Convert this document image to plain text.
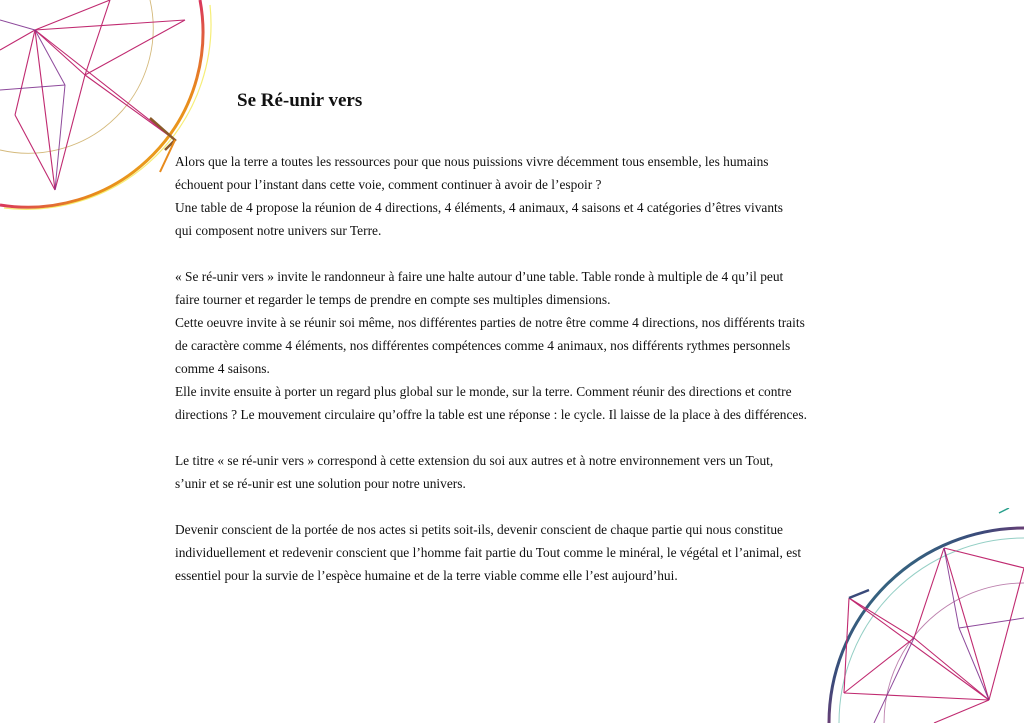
Se Ré-unir vers

Alors que la terre a toutes les ressources pour que nous puissions vivre décemment tous ensemble, les humains

échouent pour l’instant dans cette voie, comment continuer à avoir de l’espoir ?

Une table de 4 propose la réunion de 4 directions, 4 éléments, 4 animaux, 4 saisons et 4 catégories d’êtres vivants

qui composent notre univers sur Terre.

« Se ré-unir vers » invite le randonneur à faire une halte autour d’une table. Table ronde à multiple de 4 qu’il peut

faire tourner et regarder le temps de prendre en compte ses multiples dimensions.

Cette oeuvre invite à se réunir soi même, nos différentes parties de notre être comme 4 directions, nos différents traits

de caractère comme 4 éléments, nos différentes compétences comme 4 animaux, nos différents rythmes personnels

comme 4 saisons.

Elle invite ensuite à porter un regard plus global sur le monde, sur la terre. Comment réunir des directions et contre

directions ? Le mouvement circulaire qu’offre la table est une réponse : le cycle. Il laisse de la place à des différences.

Le titre « se ré-unir vers » correspond à cette extension du soi aux autres et à notre environnement vers un Tout,

s’unir et se ré-unir est une solution pour notre univers.

Devenir conscient de la portée de nos actes si petits soit-ils, devenir conscient de chaque partie qui nous constitue

individuellement et redevenir conscient que l’homme fait partie du Tout comme le minéral, le végétal et l’animal, est

essentiel pour la survie de l’espèce humaine et de la terre viable comme elle l’est aujourd’hui.
